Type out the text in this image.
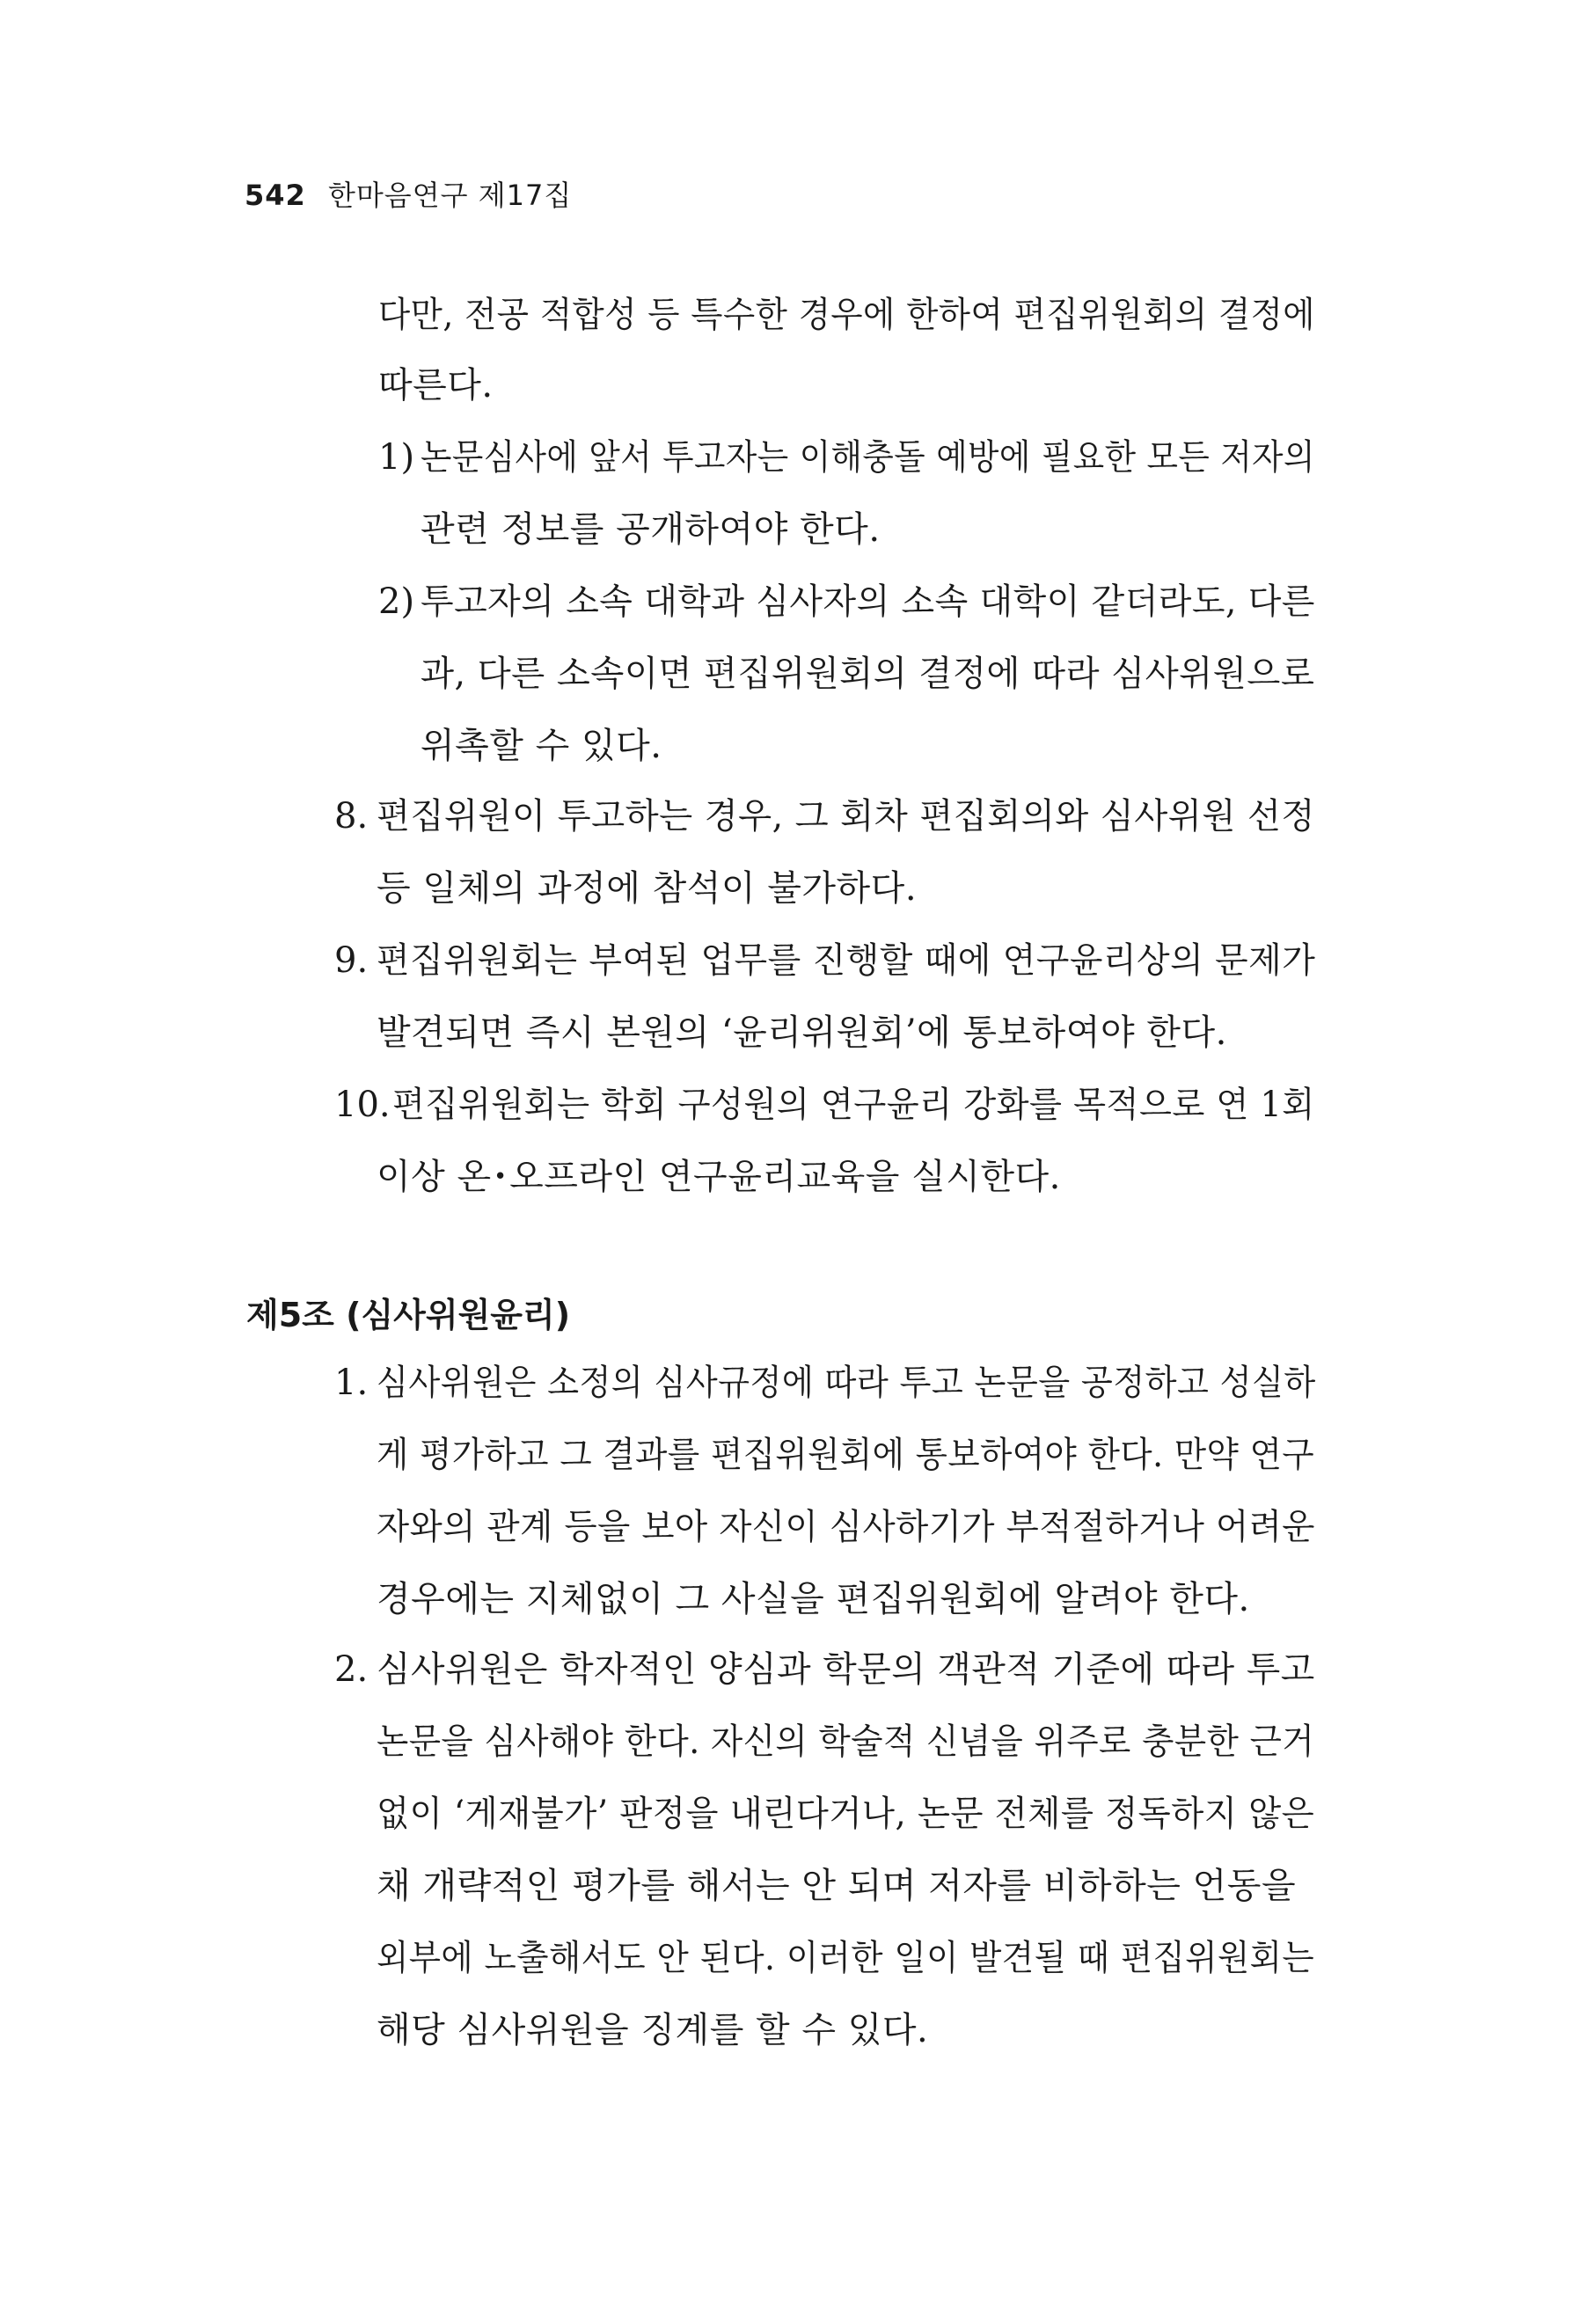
542 한마음연구 제17집
다만, 전공 적합성 등 특수한 경우에 한하여 편집위원회의 결정에
따른다.
1) 논문심사에 앞서 투고자는 이해충돌 예방에 필요한 모든 저자의
관련 정보를 공개하여야 한다.
2) 투고자의 소속 대학과 심사자의 소속 대학이 같더라도, 다른
과, 다른 소속이면 편집위원회의 결정에 따라 심사위원으로
위촉할 수 있다.
8. 편집위원이 투고하는 경우, 그 회차 편집회의와 심사위원 선정
등 일체의 과정에 참석이 불가하다.
9. 편집위원회는 부여된 업무를 진행할 때에 연구윤리상의 문제가
발견되면 즉시 본원의 ‘윤리위원회’에 통보하여야 한다.
10. 편집위원회는 학회 구성원의 연구윤리 강화를 목적으로 연 1회
이상 온･오프라인 연구윤리교육을 실시한다.
제5조 (심사위원윤리)
1. 심사위원은 소정의 심사규정에 따라 투고 논문을 공정하고 성실하
게 평가하고 그 결과를 편집위원회에 통보하여야 한다. 만약 연구
자와의 관계 등을 보아 자신이 심사하기가 부적절하거나 어려운
경우에는 지체없이 그 사실을 편집위원회에 알려야 한다.
2. 심사위원은 학자적인 양심과 학문의 객관적 기준에 따라 투고
논문을 심사해야 한다. 자신의 학술적 신념을 위주로 충분한 근거
없이 ‘게재불가’ 판정을 내린다거나, 논문 전체를 정독하지 않은
채 개략적인 평가를 해서는 안 되며 저자를 비하하는 언동을
외부에 노출해서도 안 된다. 이러한 일이 발견될 때 편집위원회는
해당 심사위원을 징계를 할 수 있다.
